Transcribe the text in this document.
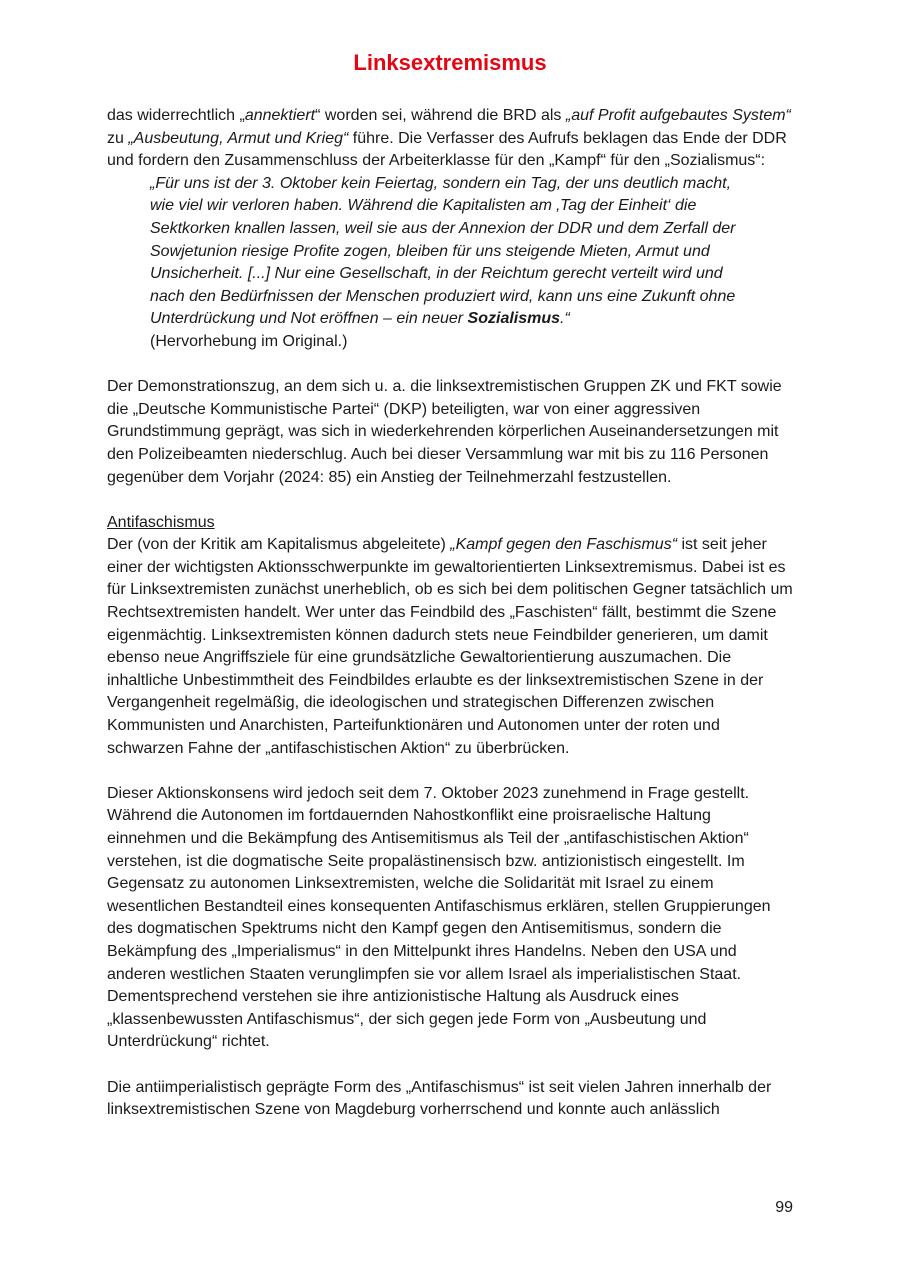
Linksextremismus

das widerrechtlich „annektiert“ worden sei, während die BRD als „auf Profit aufgebautes System“ zu „Ausbeutung, Armut und Krieg“ führe. Die Verfasser des Aufrufs beklagen das Ende der DDR und fordern den Zusammenschluss der Arbeiterklasse für den „Kampf“ für den „Sozialismus“:

„Für uns ist der 3. Oktober kein Feiertag, sondern ein Tag, der uns deutlich macht, wie viel wir verloren haben. Während die Kapitalisten am ‚Tag der Einheit‘ die Sektkorken knallen lassen, weil sie aus der Annexion der DDR und dem Zerfall der Sowjetunion riesige Profite zogen, bleiben für uns steigende Mieten, Armut und Unsicherheit. [...] Nur eine Gesellschaft, in der Reichtum gerecht verteilt wird und nach den Bedürfnissen der Menschen produziert wird, kann uns eine Zukunft ohne Unterdrückung und Not eröffnen – ein neuer Sozialismus.“
(Hervorhebung im Original.)

Der Demonstrationszug, an dem sich u. a. die linksextremistischen Gruppen ZK und FKT sowie die „Deutsche Kommunistische Partei“ (DKP) beteiligten, war von einer aggressiven Grundstimmung geprägt, was sich in wiederkehrenden körperlichen Auseinandersetzungen mit den Polizeibeamten niederschlug. Auch bei dieser Versammlung war mit bis zu 116 Personen gegenüber dem Vorjahr (2024: 85) ein Anstieg der Teilnehmerzahl festzustellen.

Antifaschismus

Der (von der Kritik am Kapitalismus abgeleitete) „Kampf gegen den Faschismus“ ist seit jeher einer der wichtigsten Aktionsschwerpunkte im gewaltorientierten Linksextremismus. Dabei ist es für Linksextremisten zunächst unerheblich, ob es sich bei dem politischen Gegner tatsächlich um Rechtsextremisten handelt. Wer unter das Feindbild des „Faschisten“ fällt, bestimmt die Szene eigenmächtig. Linksextremisten können dadurch stets neue Feindbilder generieren, um damit ebenso neue Angriffsziele für eine grundsätzliche Gewaltorientierung auszumachen. Die inhaltliche Unbestimmtheit des Feindbildes erlaubte es der linksextremistischen Szene in der Vergangenheit regelmäßig, die ideologischen und strategischen Differenzen zwischen Kommunisten und Anarchisten, Parteifunktionären und Autonomen unter der roten und schwarzen Fahne der „antifaschistischen Aktion“ zu überbrücken.

Dieser Aktionskonsens wird jedoch seit dem 7. Oktober 2023 zunehmend in Frage gestellt. Während die Autonomen im fortdauernden Nahostkonflikt eine proisraelische Haltung einnehmen und die Bekämpfung des Antisemitismus als Teil der „antifaschistischen Aktion“ verstehen, ist die dogmatische Seite propalästinensisch bzw. antizionistisch eingestellt. Im Gegensatz zu autonomen Linksextremisten, welche die Solidarität mit Israel zu einem wesentlichen Bestandteil eines konsequenten Antifaschismus erklären, stellen Gruppierungen des dogmatischen Spektrums nicht den Kampf gegen den Antisemitismus, sondern die Bekämpfung des „Imperialismus“ in den Mittelpunkt ihres Handelns. Neben den USA und anderen westlichen Staaten verunglimpfen sie vor allem Israel als imperialistischen Staat. Dementsprechend verstehen sie ihre antizionistische Haltung als Ausdruck eines „klassenbewussten Antifaschismus“, der sich gegen jede Form von „Ausbeutung und Unterdrückung“ richtet.

Die antiimperialistisch geprägte Form des „Antifaschismus“ ist seit vielen Jahren innerhalb der linksextremistischen Szene von Magdeburg vorherrschend und konnte auch anlässlich

99
